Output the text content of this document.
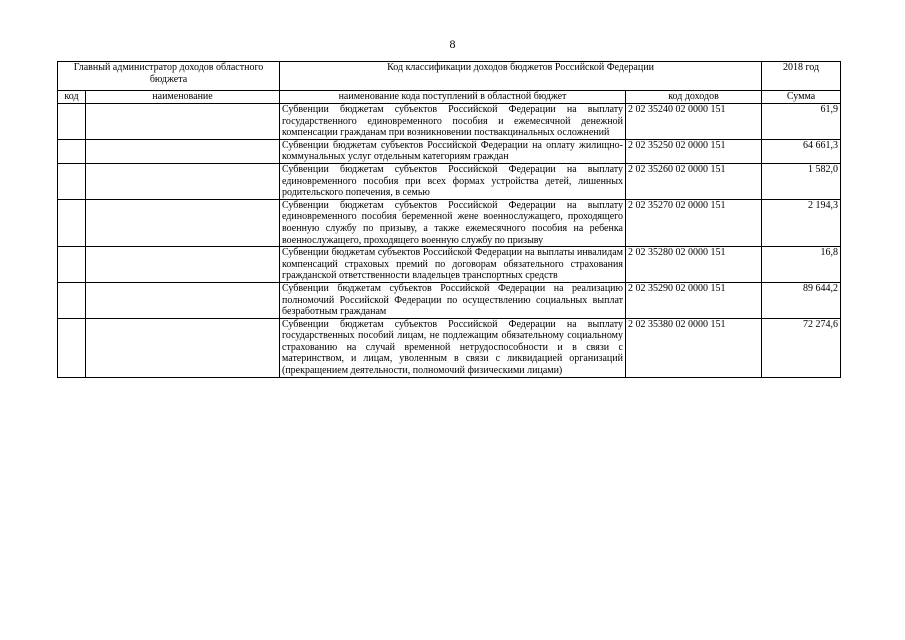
8
Главный администратор доходов областного бюджета		Код классификации доходов бюджетов Российской Федерации		2018 год
код	наименование	наименование кода поступлений в областной бюджет	код доходов	Сумма
		Субвенции бюджетам субъектов Российской Федерации на выплату государственного единовременного пособия и ежемесячной денежной компенсации гражданам при возникновении поствакцинальных осложнений	2 02 35240 02 0000 151	61,9
		Субвенции бюджетам субъектов Российской Федерации на оплату жилищно-коммунальных услуг отдельным категориям граждан	2 02 35250 02 0000 151	64 661,3
		Субвенции бюджетам субъектов Российской Федерации на выплату единовременного пособия при всех формах устройства детей, лишенных родительского попечения, в семью	2 02 35260 02 0000 151	1 582,0
		Субвенции бюджетам субъектов Российской Федерации на выплату единовременного пособия беременной жене военнослужащего, проходящего военную службу по призыву, а также ежемесячного пособия на ребенка военнослужащего, проходящего военную службу по призыву	2 02 35270 02 0000 151	2 194,3
		Субвенции бюджетам субъектов Российской Федерации на выплаты инвалидам компенсаций страховых премий по договорам обязательного страхования гражданской ответственности владельцев транспортных средств	2 02 35280 02 0000 151	16,8
		Субвенции бюджетам субъектов Российской Федерации на реализацию полномочий Российской Федерации по осуществлению социальных выплат безработным гражданам	2 02 35290 02 0000 151	89 644,2
		Субвенции бюджетам субъектов Российской Федерации на выплату государственных пособий лицам, не подлежащим обязательному социальному страхованию на случай временной нетрудоспособности и в связи с материнством, и лицам, уволенным в связи с ликвидацией организаций (прекращением деятельности, полномочий физическими лицами)	2 02 35380 02 0000 151	72 274,6
